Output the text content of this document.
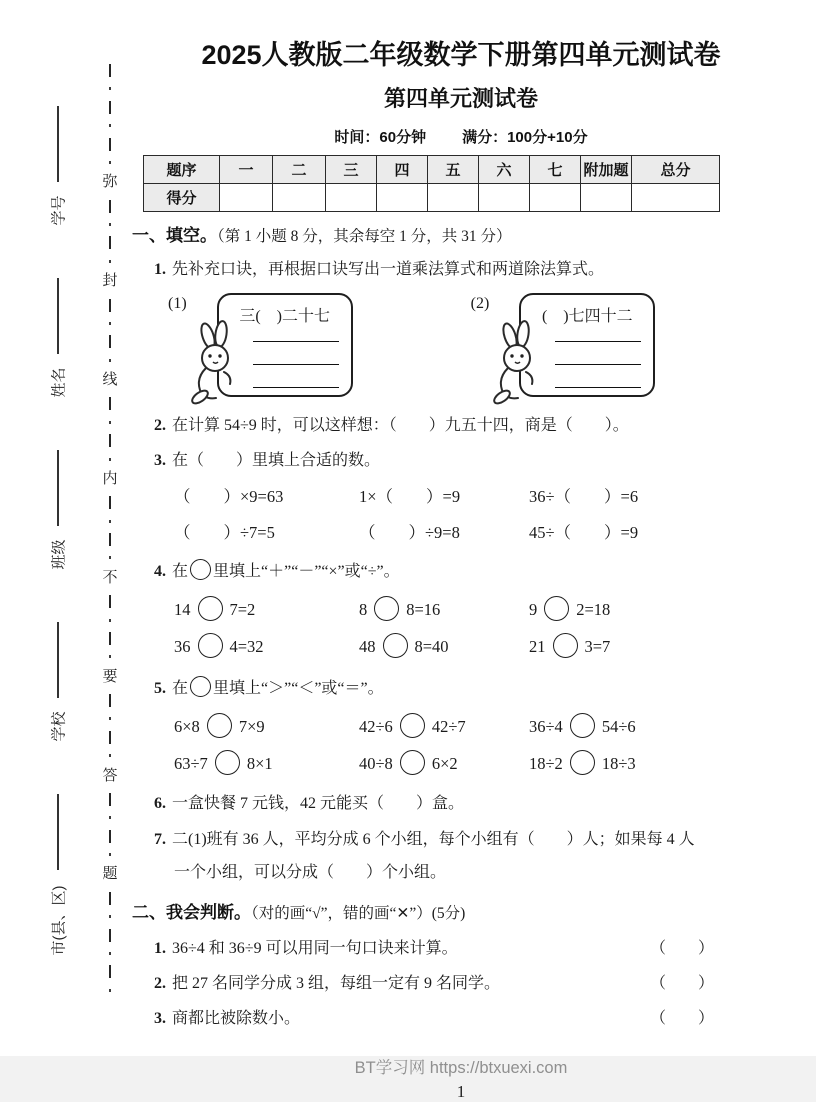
弥
封
线
内
不
要
答
题
学号
姓名
班级
学校
市(县、区)
2025人教版二年级数学下册第四单元测试卷
第四单元测试卷
时间：60分钟 满分：100分+10分
题序	一	二	三	四	五	六	七	附加题	总分
得分									

一、填空。（第 1 小题 8 分，其余每空 1 分，共 31 分）

1. 先补充口诀，再根据口诀写出一道乘法算式和两道除法算式。

(1)
三(　)二十七
(2)
(　)七四十二

2. 在计算 54÷9 时，可以这样想：（　　）九五十四，商是（　　）。

3. 在（　　）里填上合适的数。

（　　）×9=63	1×（　　）=9	36÷（　　）=6
（　　）÷7=5	（　　）÷9=8	45÷（　　）=9

4. 在 里填上“＋”“－”“×”或“÷”。

14 7=2	8 8=16	9 2=18
36 4=32	48 8=40	21 3=7

5. 在 里填上“＞”“＜”或“＝”。

6×8 7×9	42÷6 42÷7	36÷4 54÷6
63÷7 8×1	40÷8 6×2	18÷2 18÷3

6. 一盒快餐 7 元钱，42 元能买（　　）盒。

7. 二(1)班有 36 人，平均分成 6 个小组，每个小组有（　　）人；如果每 4 人

一个小组，可以分成（　　）个小组。

二、我会判断。（对的画“√”，错的画“✕”）(5分)

1. 36÷4 和 36÷9 可以用同一句口诀来计算。	（　　）
2. 把 27 名同学分成 3 组，每组一定有 9 名同学。	（　　）
3. 商都比被除数小。	（　　）

BT学习网 https://btxuexi.com

1
